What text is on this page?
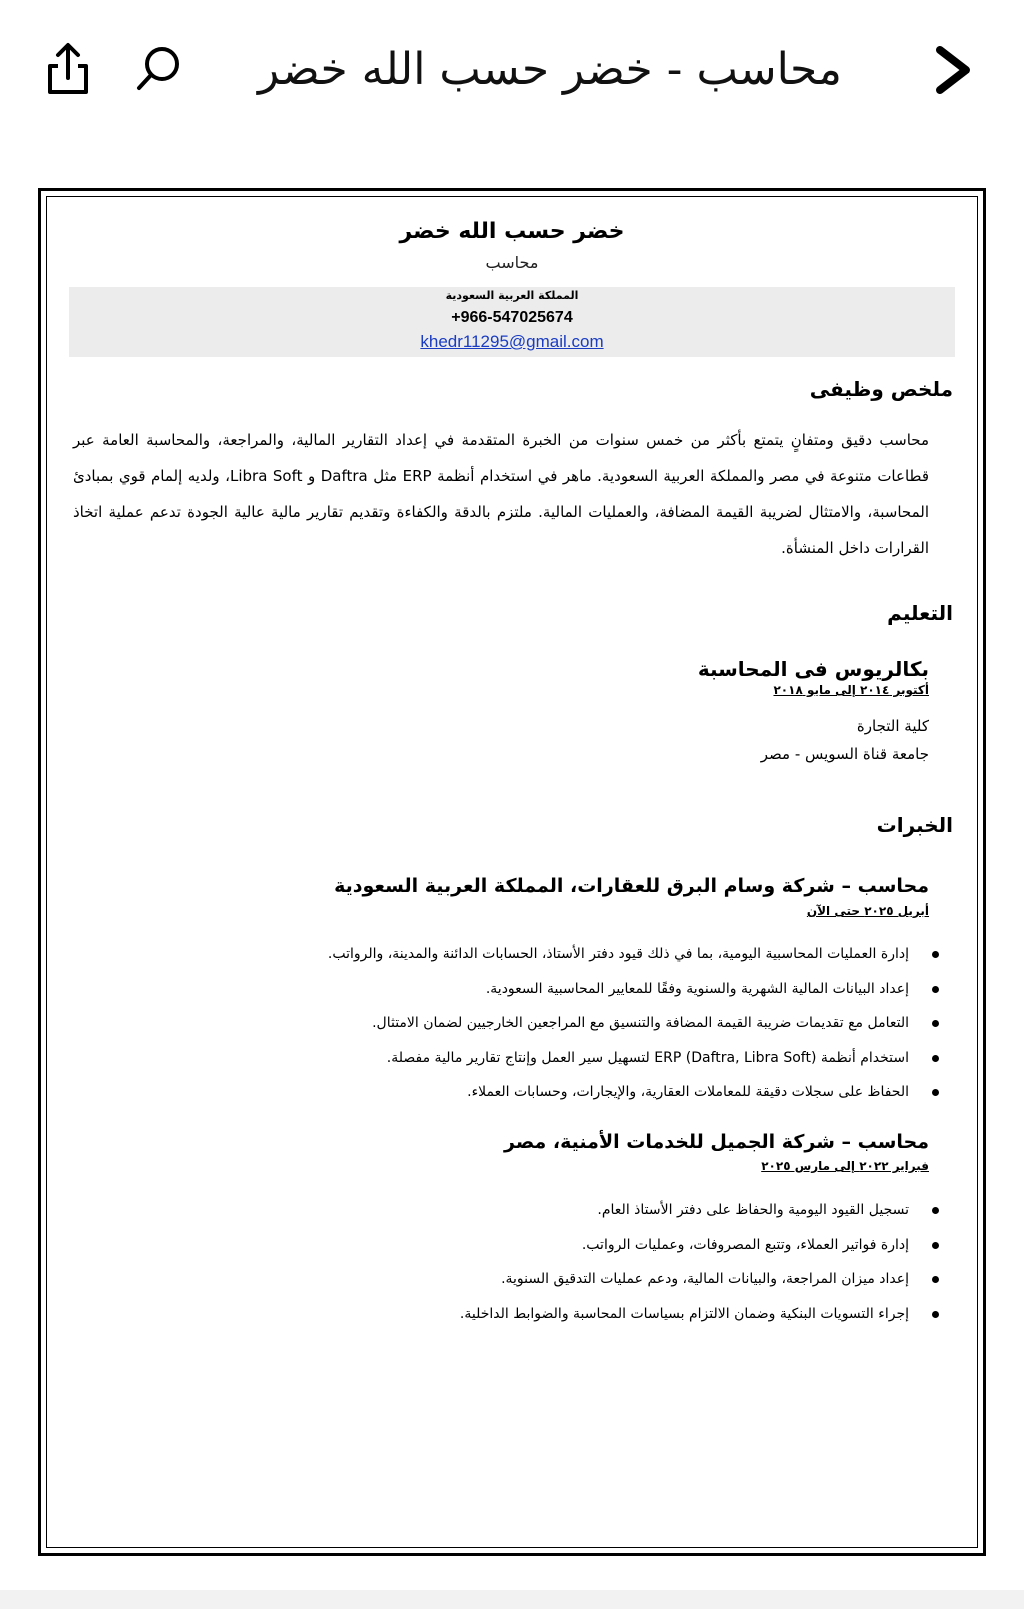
محاسب - خضر حسب الله خضر
خضر حسب الله خضر
محاسب
المملكة العربية السعودية
+966-547025674
khedr11295@gmail.com
ملخص وظيفى
محاسب دقيق ومتفانٍ يتمتع بأكثر من خمس سنوات من الخبرة المتقدمة في إعداد التقارير المالية، والمراجعة، والمحاسبة العامة عبر قطاعات متنوعة في مصر والمملكة العربية السعودية. ماهر في استخدام أنظمة ERP مثل Daftra و Libra Soft، ولديه إلمام قوي بمبادئ المحاسبة، والامتثال لضريبة القيمة المضافة، والعمليات المالية. ملتزم بالدقة والكفاءة وتقديم تقارير مالية عالية الجودة تدعم عملية اتخاذ القرارات داخل المنشأة.
التعليم
بكالريوس فى المحاسبة
أكتوبر ٢٠١٤ إلى مايو ٢٠١٨
كلية التجارة
جامعة قناة السويس - مصر
الخبرات
محاسب – شركة وسام البرق للعقارات، المملكة العربية السعودية
أبريل ٢٠٢٥ حتى الآن
إدارة العمليات المحاسبية اليومية، بما في ذلك قيود دفتر الأستاذ، الحسابات الدائنة والمدينة، والرواتب.
إعداد البيانات المالية الشهرية والسنوية وفقًا للمعايير المحاسبية السعودية.
التعامل مع تقديمات ضريبة القيمة المضافة والتنسيق مع المراجعين الخارجيين لضمان الامتثال.
استخدام أنظمة ERP (Daftra, Libra Soft) لتسهيل سير العمل وإنتاج تقارير مالية مفصلة.
الحفاظ على سجلات دقيقة للمعاملات العقارية، والإيجارات، وحسابات العملاء.
محاسب – شركة الجميل للخدمات الأمنية، مصر
فبراير ٢٠٢٢ إلى مارس ٢٠٢٥
تسجيل القيود اليومية والحفاظ على دفتر الأستاذ العام.
إدارة فواتير العملاء، وتتبع المصروفات، وعمليات الرواتب.
إعداد ميزان المراجعة، والبيانات المالية، ودعم عمليات التدقيق السنوية.
إجراء التسويات البنكية وضمان الالتزام بسياسات المحاسبة والضوابط الداخلية.
